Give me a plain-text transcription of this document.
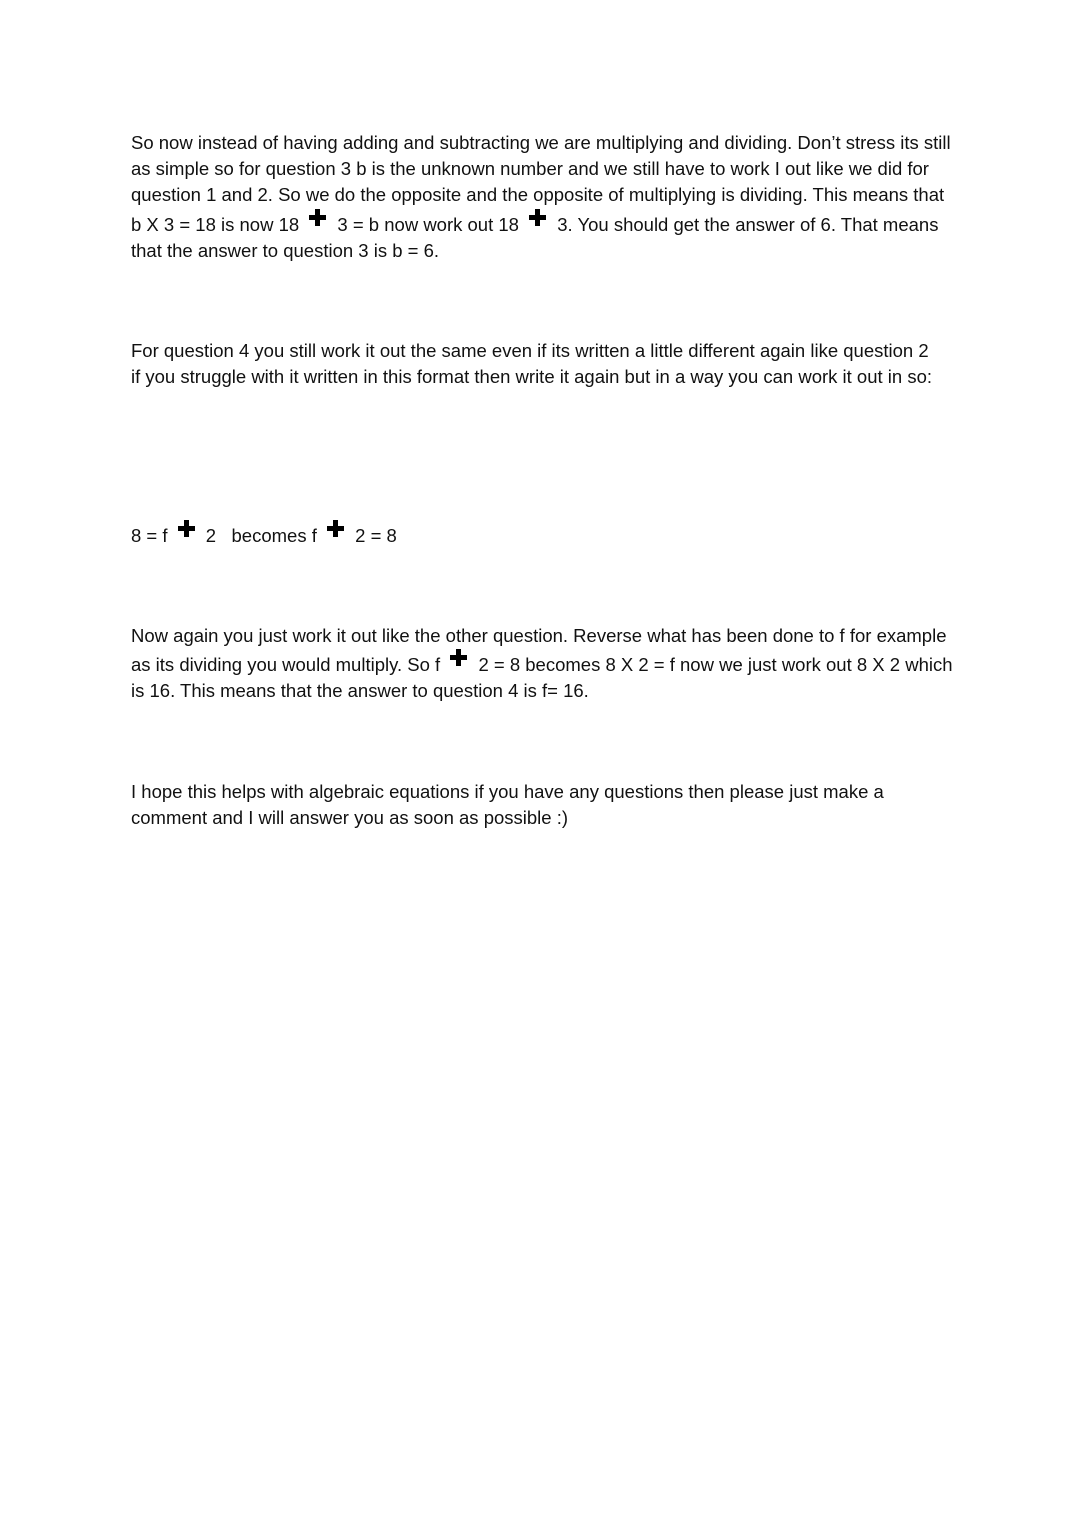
So now instead of having adding and subtracting we are multiplying and dividing. Don’t stress its still
as simple so for question 3 b is the unknown number and we still have to work I out like we did for
question 1 and 2. So we do the opposite and the opposite of multiplying is dividing. This means that
b X 3 = 18 is now 18  3 = b now work out 18  3. You should get the answer of 6. That means
that the answer to question 3 is b = 6.

For question 4 you still work it out the same even if its written a little different again like question 2
if you struggle with it written in this format then write it again but in a way you can work it out in so:

8 = f  2   becomes f  2 = 8

Now again you just work it out like the other question. Reverse what has been done to f for example
as its dividing you would multiply. So f  2 = 8 becomes 8 X 2 = f now we just work out 8 X 2 which
is 16. This means that the answer to question 4 is f= 16.

I hope this helps with algebraic equations if you have any questions then please just make a
comment and I will answer you as soon as possible :)
